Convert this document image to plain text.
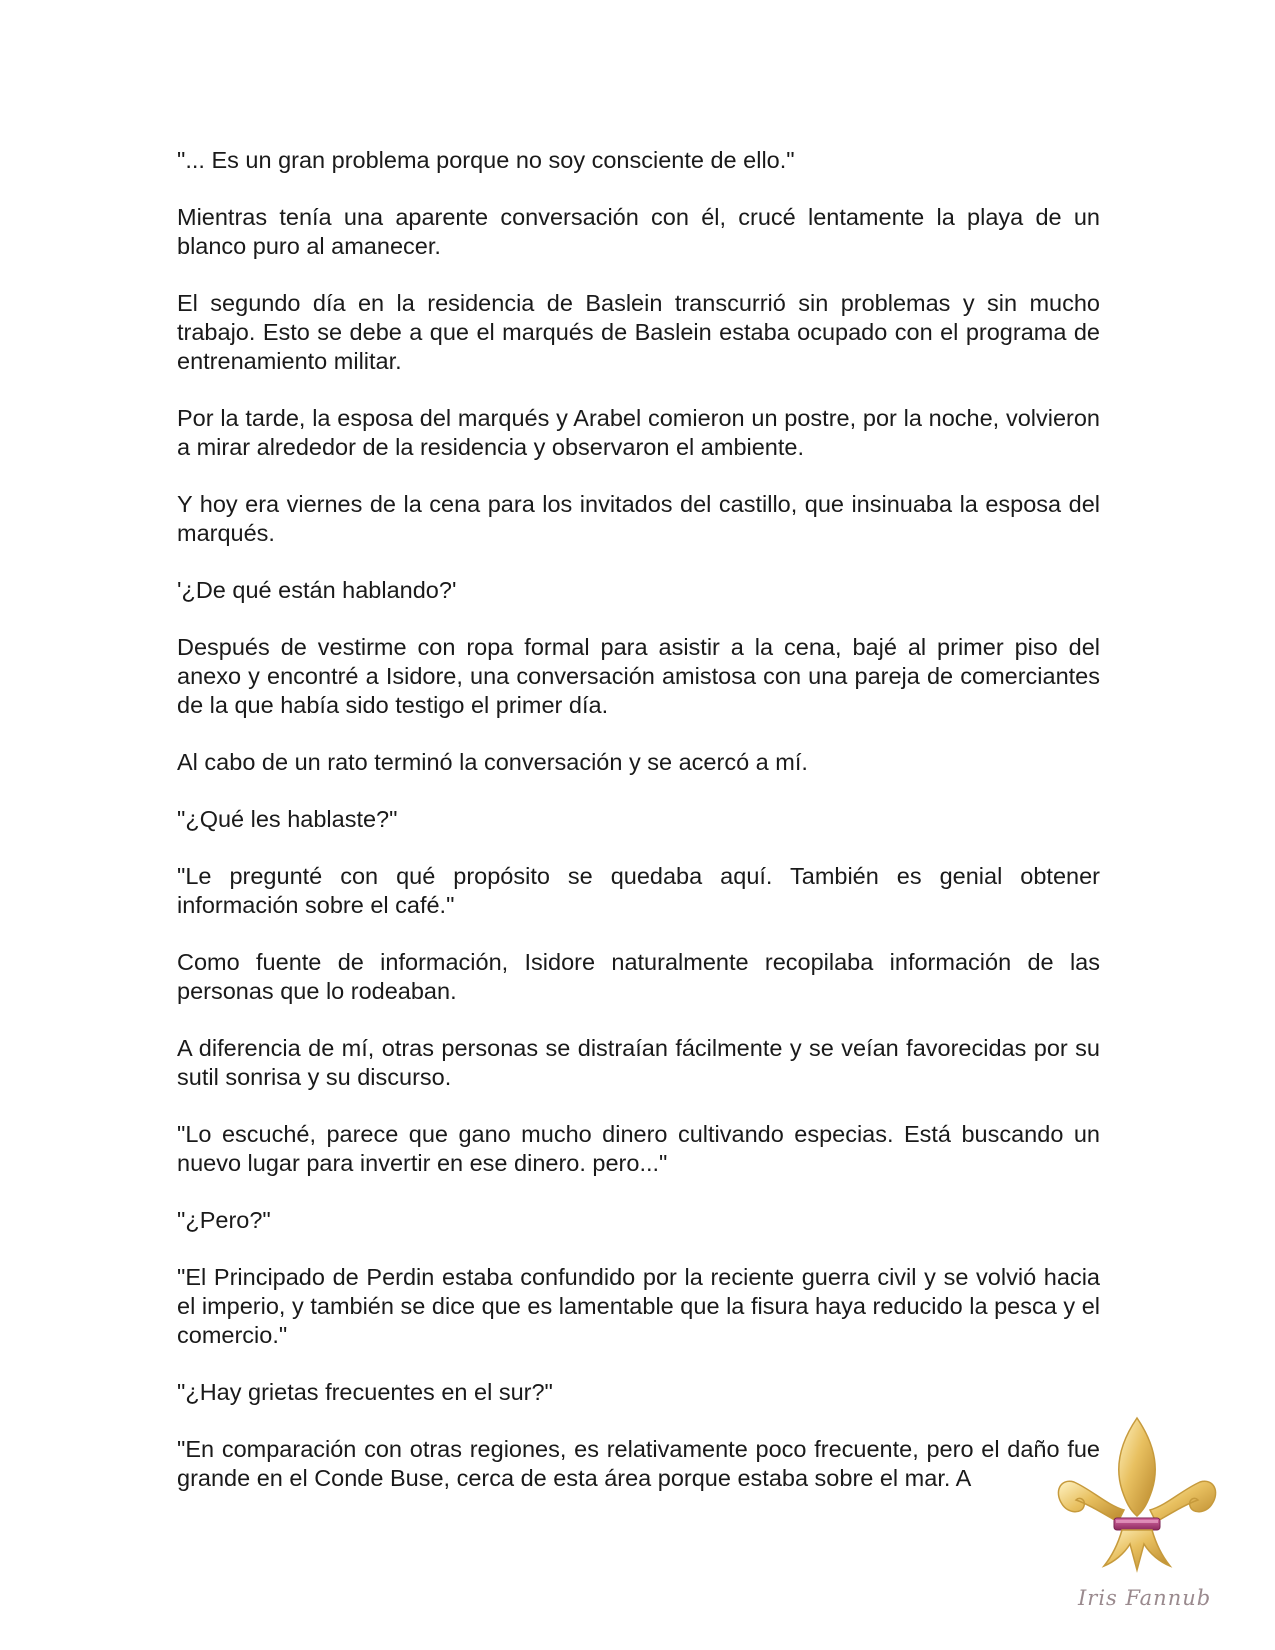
"... Es un gran problema porque no soy consciente de ello."

Mientras tenía una aparente conversación con él, crucé lentamente la playa de un blanco puro al amanecer.

El segundo día en la residencia de Baslein transcurrió sin problemas y sin mucho trabajo. Esto se debe a que el marqués de Baslein estaba ocupado con el programa de entrenamiento militar.

Por la tarde, la esposa del marqués y Arabel comieron un postre, por la noche, volvieron a mirar alrededor de la residencia y observaron el ambiente.

Y hoy era viernes de la cena para los invitados del castillo, que insinuaba la esposa del marqués.

'¿De qué están hablando?'

Después de vestirme con ropa formal para asistir a la cena, bajé al primer piso del anexo y encontré a Isidore, una conversación amistosa con una pareja de comerciantes de la que había sido testigo el primer día.

Al cabo de un rato terminó la conversación y se acercó a mí.

"¿Qué les hablaste?"

"Le pregunté con qué propósito se quedaba aquí. También es genial obtener información sobre el café."

Como fuente de información, Isidore naturalmente recopilaba información de las personas que lo rodeaban.

A diferencia de mí, otras personas se distraían fácilmente y se veían favorecidas por su sutil sonrisa y su discurso.

"Lo escuché, parece que gano mucho dinero cultivando especias. Está buscando un nuevo lugar para invertir en ese dinero. pero..."

"¿Pero?"

"El Principado de Perdin estaba confundido por la reciente guerra civil y se volvió hacia el imperio, y también se dice que es lamentable que la fisura haya reducido la pesca y el comercio."

"¿Hay grietas frecuentes en el sur?"

"En comparación con otras regiones, es relativamente poco frecuente, pero el daño fue grande en el Conde Buse, cerca de esta área porque estaba sobre el mar. A

Iris Fannub
